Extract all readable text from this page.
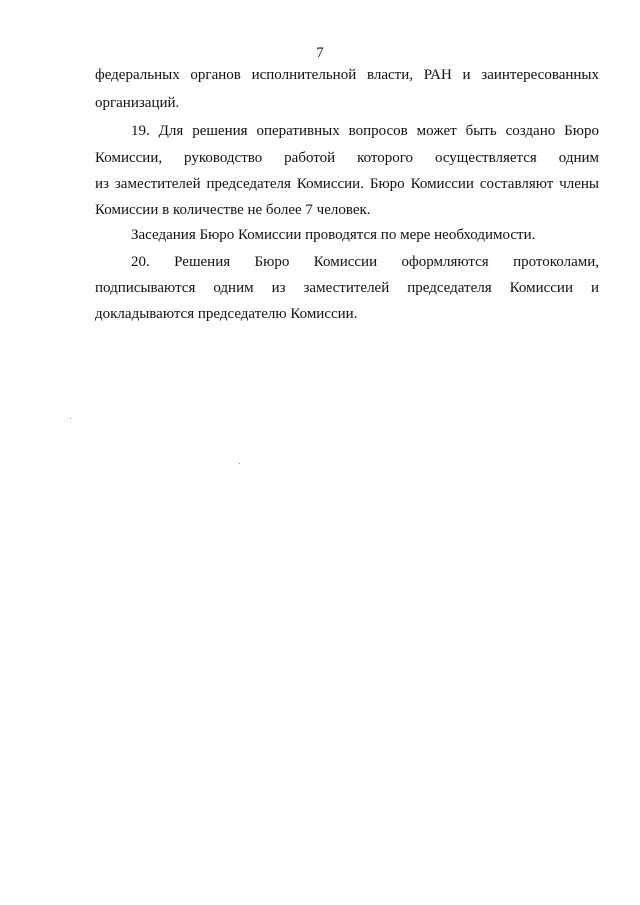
7
федеральных органов исполнительной власти, РАН и заинтересованных
организаций.
19. Для решения оперативных вопросов может быть создано Бюро
Комиссии, руководство работой которого осуществляется одним
из заместителей председателя Комиссии. Бюро Комиссии составляют члены
Комиссии в количестве не более 7 человек.
Заседания Бюро Комиссии проводятся по мере необходимости.
20. Решения Бюро Комиссии оформляются протоколами,
подписываются одним из заместителей председателя Комиссии и
докладываются председателю Комиссии.
